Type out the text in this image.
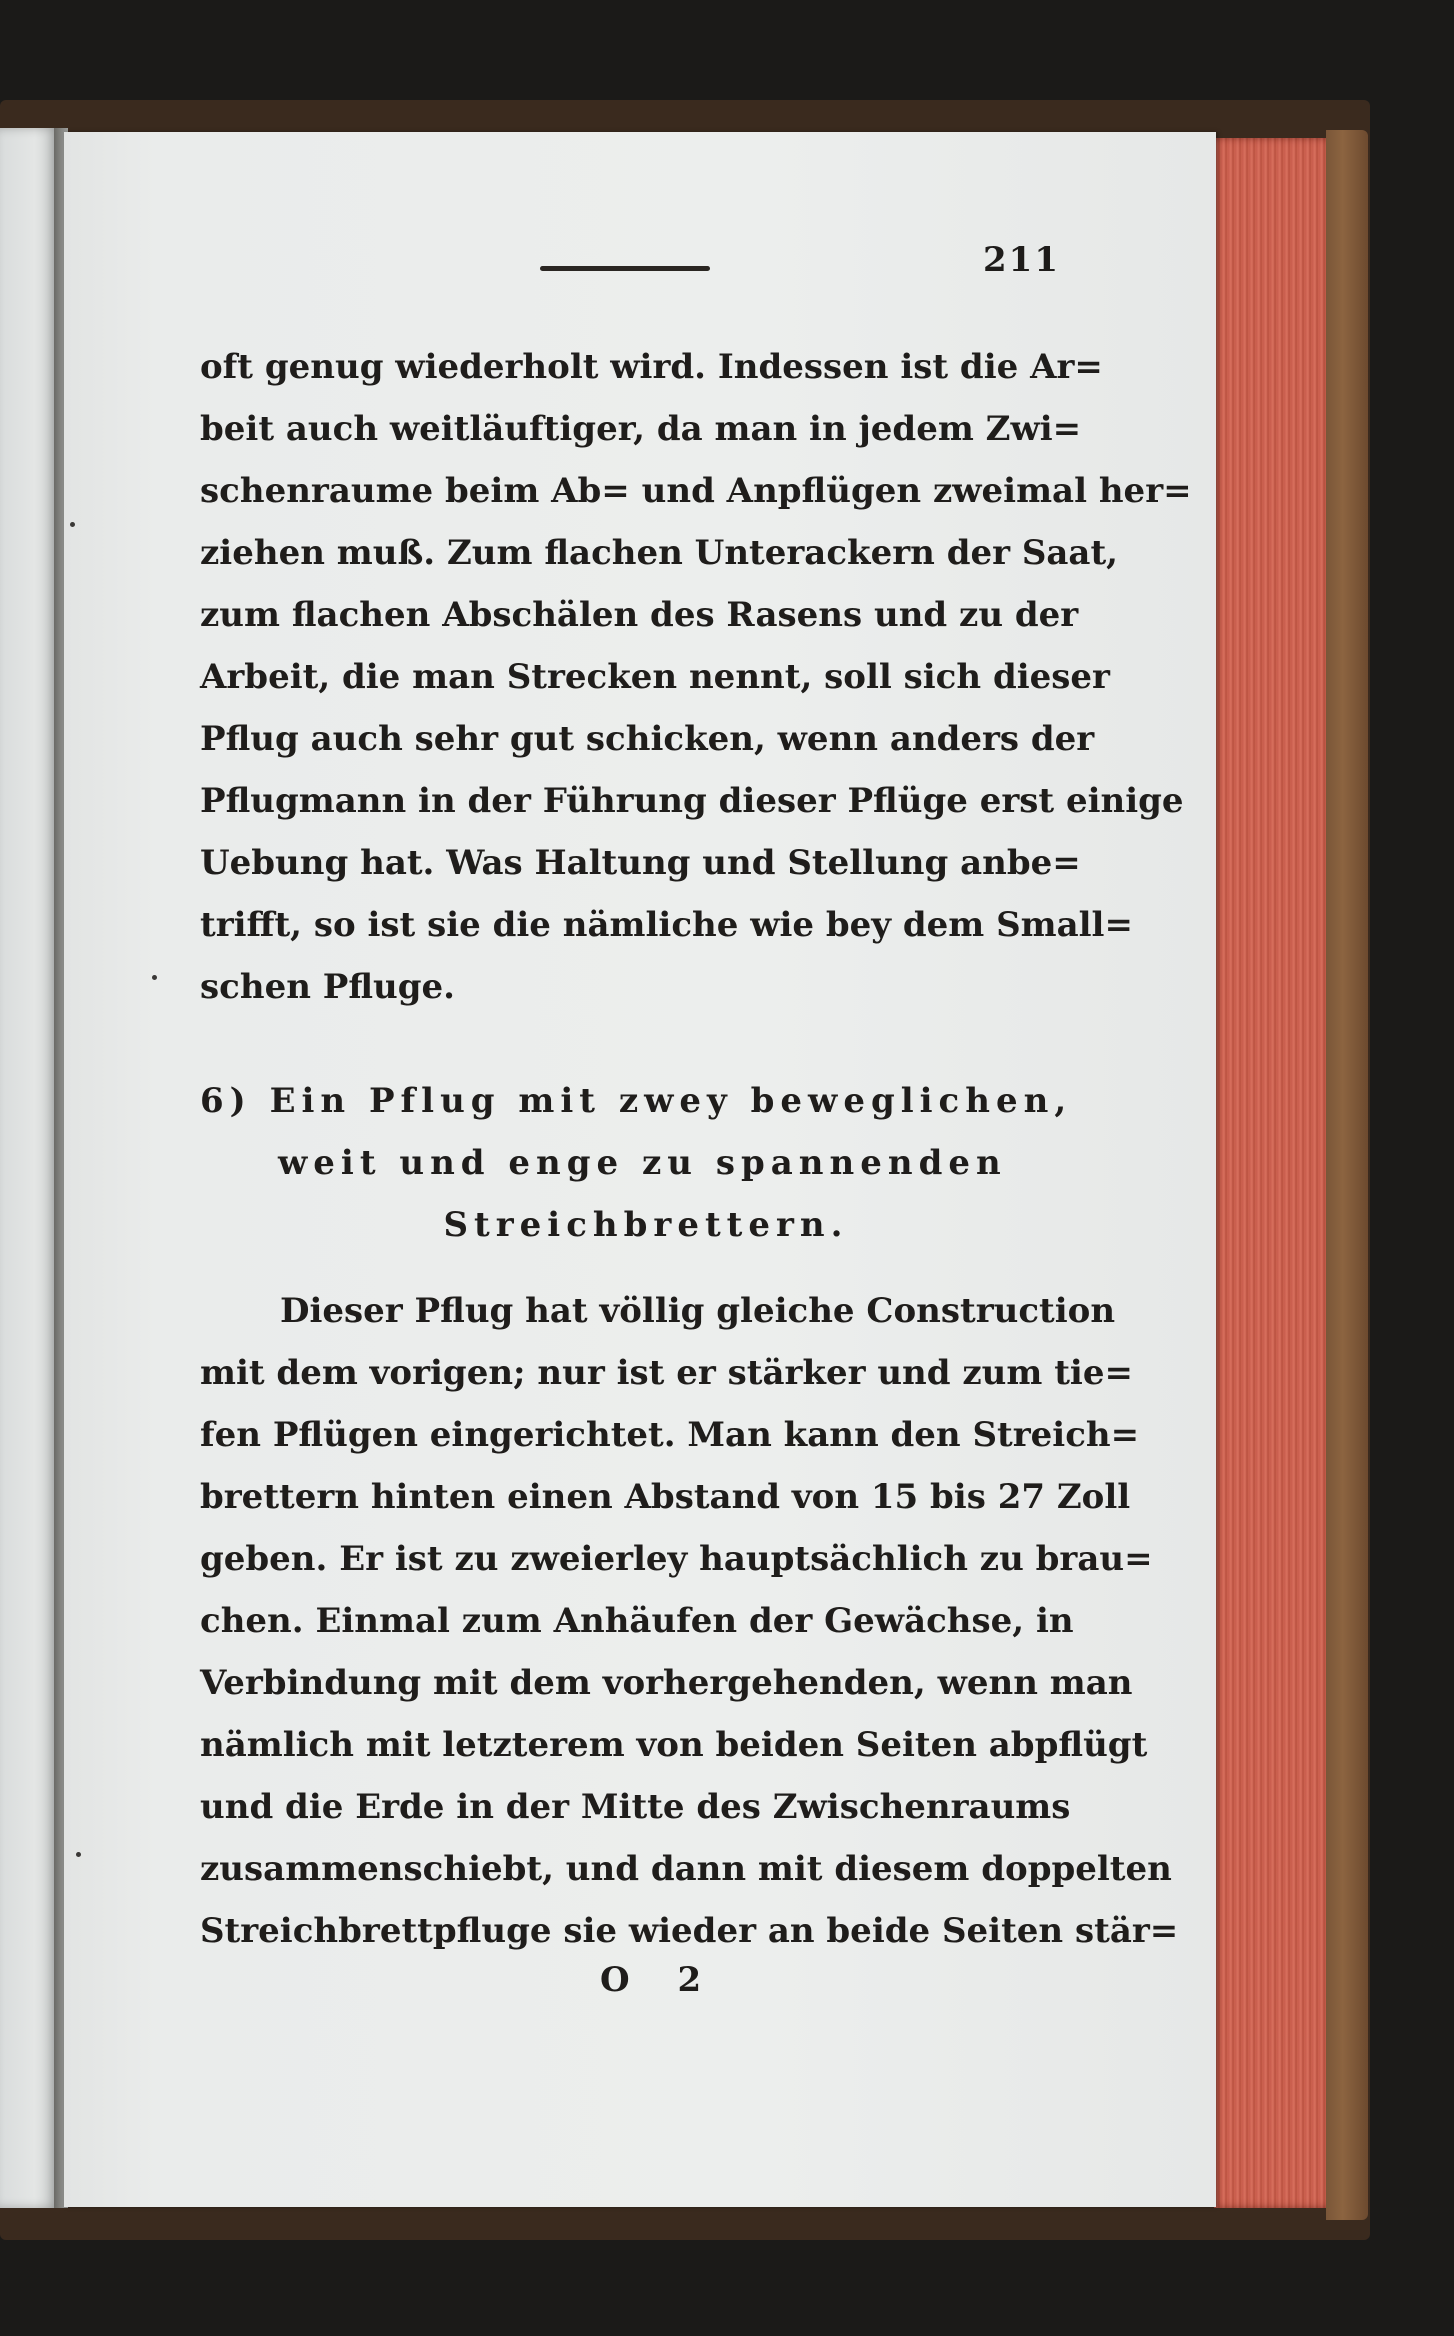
211
oft genug wiederholt wird. Indessen ist die Ar=
beit auch weitläuftiger, da man in jedem Zwi=
schenraume beim Ab= und Anpflügen zweimal her=
ziehen muß. Zum flachen Unterackern der Saat,
zum flachen Abschälen des Rasens und zu der
Arbeit, die man Strecken nennt, soll sich dieser
Pflug auch sehr gut schicken, wenn anders der
Pflugmann in der Führung dieser Pflüge erst einige
Uebung hat. Was Haltung und Stellung anbe=
trifft, so ist sie die nämliche wie bey dem Small=
schen Pfluge.
6) Ein Pflug mit zwey beweglichen,
weit und enge zu spannenden
Streichbrettern.
Dieser Pflug hat völlig gleiche Construction
mit dem vorigen; nur ist er stärker und zum tie=
fen Pflügen eingerichtet. Man kann den Streich=
brettern hinten einen Abstand von 15 bis 27 Zoll
geben. Er ist zu zweierley hauptsächlich zu brau=
chen. Einmal zum Anhäufen der Gewächse, in
Verbindung mit dem vorhergehenden, wenn man
nämlich mit letzterem von beiden Seiten abpflügt
und die Erde in der Mitte des Zwischenraums
zusammenschiebt, und dann mit diesem doppelten
Streichbrettpfluge sie wieder an beide Seiten stär=
O 2
